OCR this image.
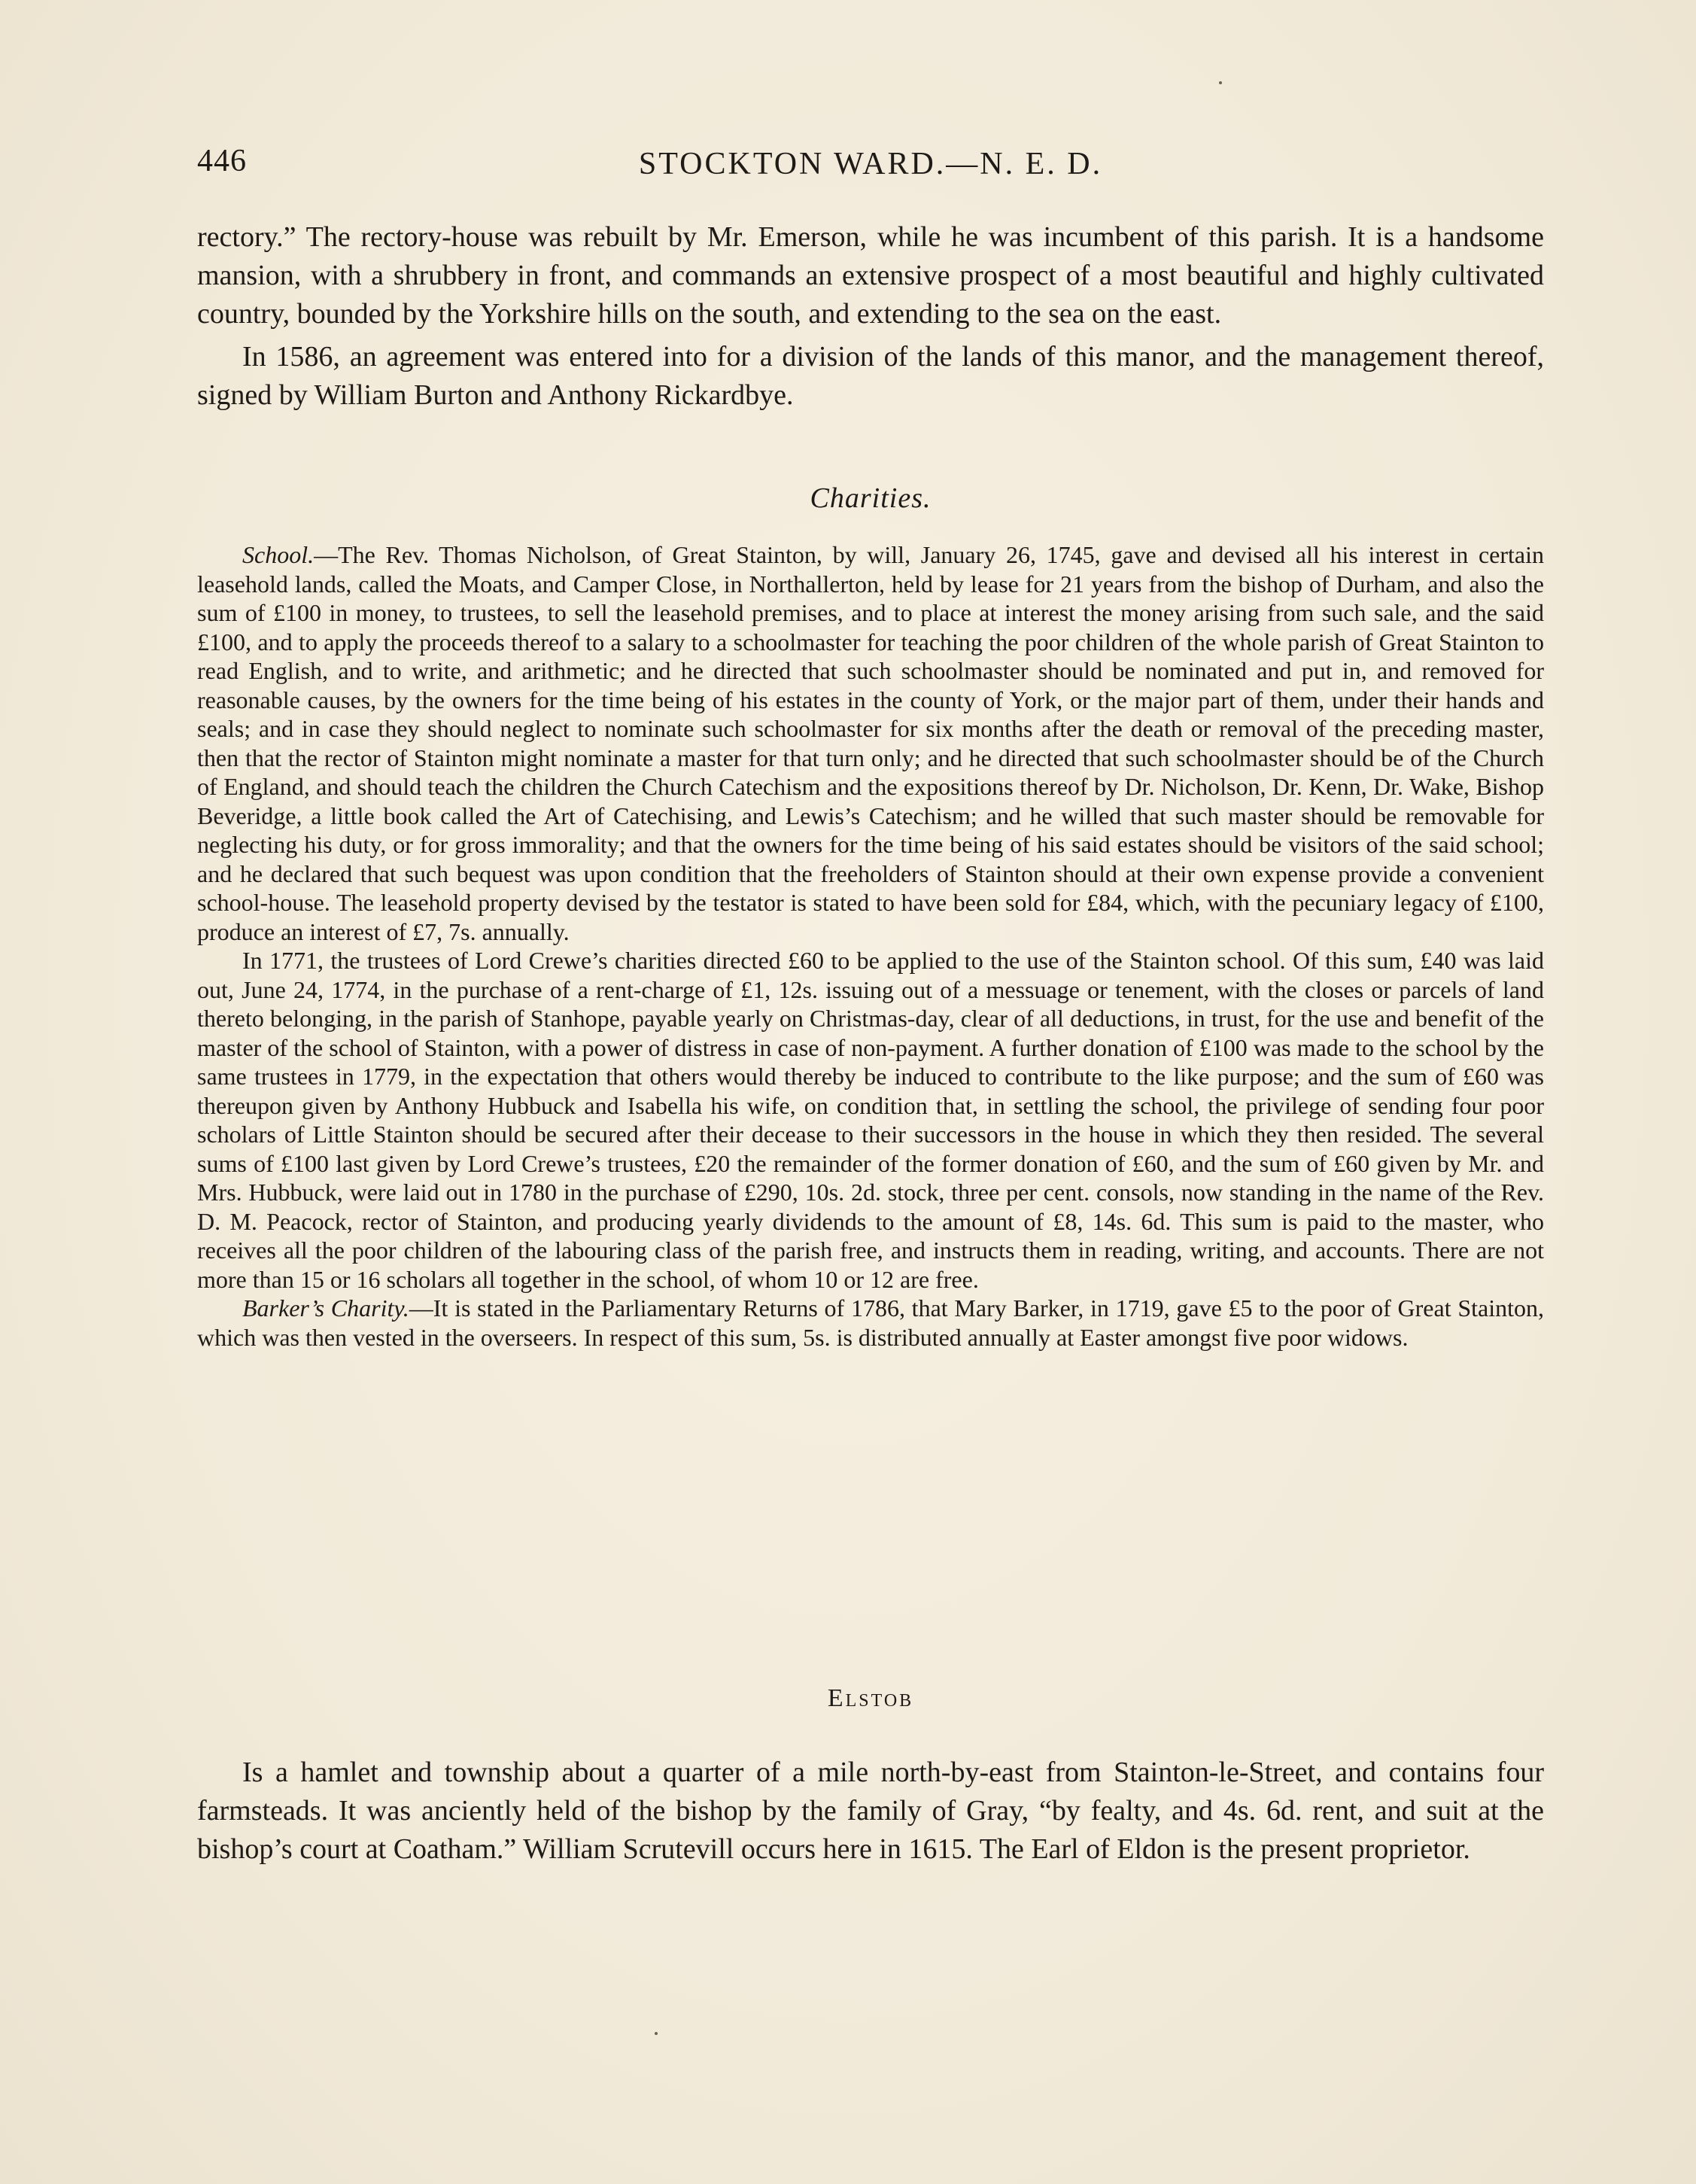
446	STOCKTON WARD.—N. E. D.

rectory.” The rectory-house was rebuilt by Mr. Emerson, while he was incumbent of this parish. It is a handsome mansion, with a shrubbery in front, and commands an extensive prospect of a most beautiful and highly cultivated country, bounded by the Yorkshire hills on the south, and extending to the sea on the east.

In 1586, an agreement was entered into for a division of the lands of this manor, and the management thereof, signed by William Burton and Anthony Rickardbye.

Charities.

School.—The Rev. Thomas Nicholson, of Great Stainton, by will, January 26, 1745, gave and devised all his interest in certain leasehold lands, called the Moats, and Camper Close, in Northallerton, held by lease for 21 years from the bishop of Durham, and also the sum of £100 in money, to trustees, to sell the leasehold premises, and to place at interest the money arising from such sale, and the said £100, and to apply the proceeds thereof to a salary to a schoolmaster for teaching the poor children of the whole parish of Great Stainton to read English, and to write, and arithmetic; and he directed that such schoolmaster should be nominated and put in, and removed for reasonable causes, by the owners for the time being of his estates in the county of York, or the major part of them, under their hands and seals; and in case they should neglect to nominate such schoolmaster for six months after the death or removal of the preceding master, then that the rector of Stainton might nominate a master for that turn only; and he directed that such schoolmaster should be of the Church of England, and should teach the children the Church Catechism and the expositions thereof by Dr. Nicholson, Dr. Kenn, Dr. Wake, Bishop Beveridge, a little book called the Art of Catechising, and Lewis’s Catechism; and he willed that such master should be removable for neglecting his duty, or for gross immorality; and that the owners for the time being of his said estates should be visitors of the said school; and he declared that such bequest was upon condition that the freeholders of Stainton should at their own expense provide a convenient school-house. The leasehold property devised by the testator is stated to have been sold for £84, which, with the pecuniary legacy of £100, produce an interest of £7, 7s. annually.

In 1771, the trustees of Lord Crewe’s charities directed £60 to be applied to the use of the Stainton school. Of this sum, £40 was laid out, June 24, 1774, in the purchase of a rent-charge of £1, 12s. issuing out of a messuage or tenement, with the closes or parcels of land thereto belonging, in the parish of Stanhope, payable yearly on Christmas-day, clear of all deductions, in trust, for the use and benefit of the master of the school of Stainton, with a power of distress in case of non-payment. A further donation of £100 was made to the school by the same trustees in 1779, in the expectation that others would thereby be induced to contribute to the like purpose; and the sum of £60 was thereupon given by Anthony Hubbuck and Isabella his wife, on condition that, in settling the school, the privilege of sending four poor scholars of Little Stainton should be secured after their decease to their successors in the house in which they then resided. The several sums of £100 last given by Lord Crewe’s trustees, £20 the remainder of the former donation of £60, and the sum of £60 given by Mr. and Mrs. Hubbuck, were laid out in 1780 in the purchase of £290, 10s. 2d. stock, three per cent. consols, now standing in the name of the Rev. D. M. Peacock, rector of Stainton, and producing yearly dividends to the amount of £8, 14s. 6d. This sum is paid to the master, who receives all the poor children of the labouring class of the parish free, and instructs them in reading, writing, and accounts. There are not more than 15 or 16 scholars all together in the school, of whom 10 or 12 are free.

Barker’s Charity.—It is stated in the Parliamentary Returns of 1786, that Mary Barker, in 1719, gave £5 to the poor of Great Stainton, which was then vested in the overseers. In respect of this sum, 5s. is distributed annually at Easter amongst five poor widows.

Elstob

Is a hamlet and township about a quarter of a mile north-by-east from Stainton-le-Street, and contains four farmsteads. It was anciently held of the bishop by the family of Gray, “by fealty, and 4s. 6d. rent, and suit at the bishop’s court at Coatham.” William Scrutevill occurs here in 1615. The Earl of Eldon is the present proprietor.
